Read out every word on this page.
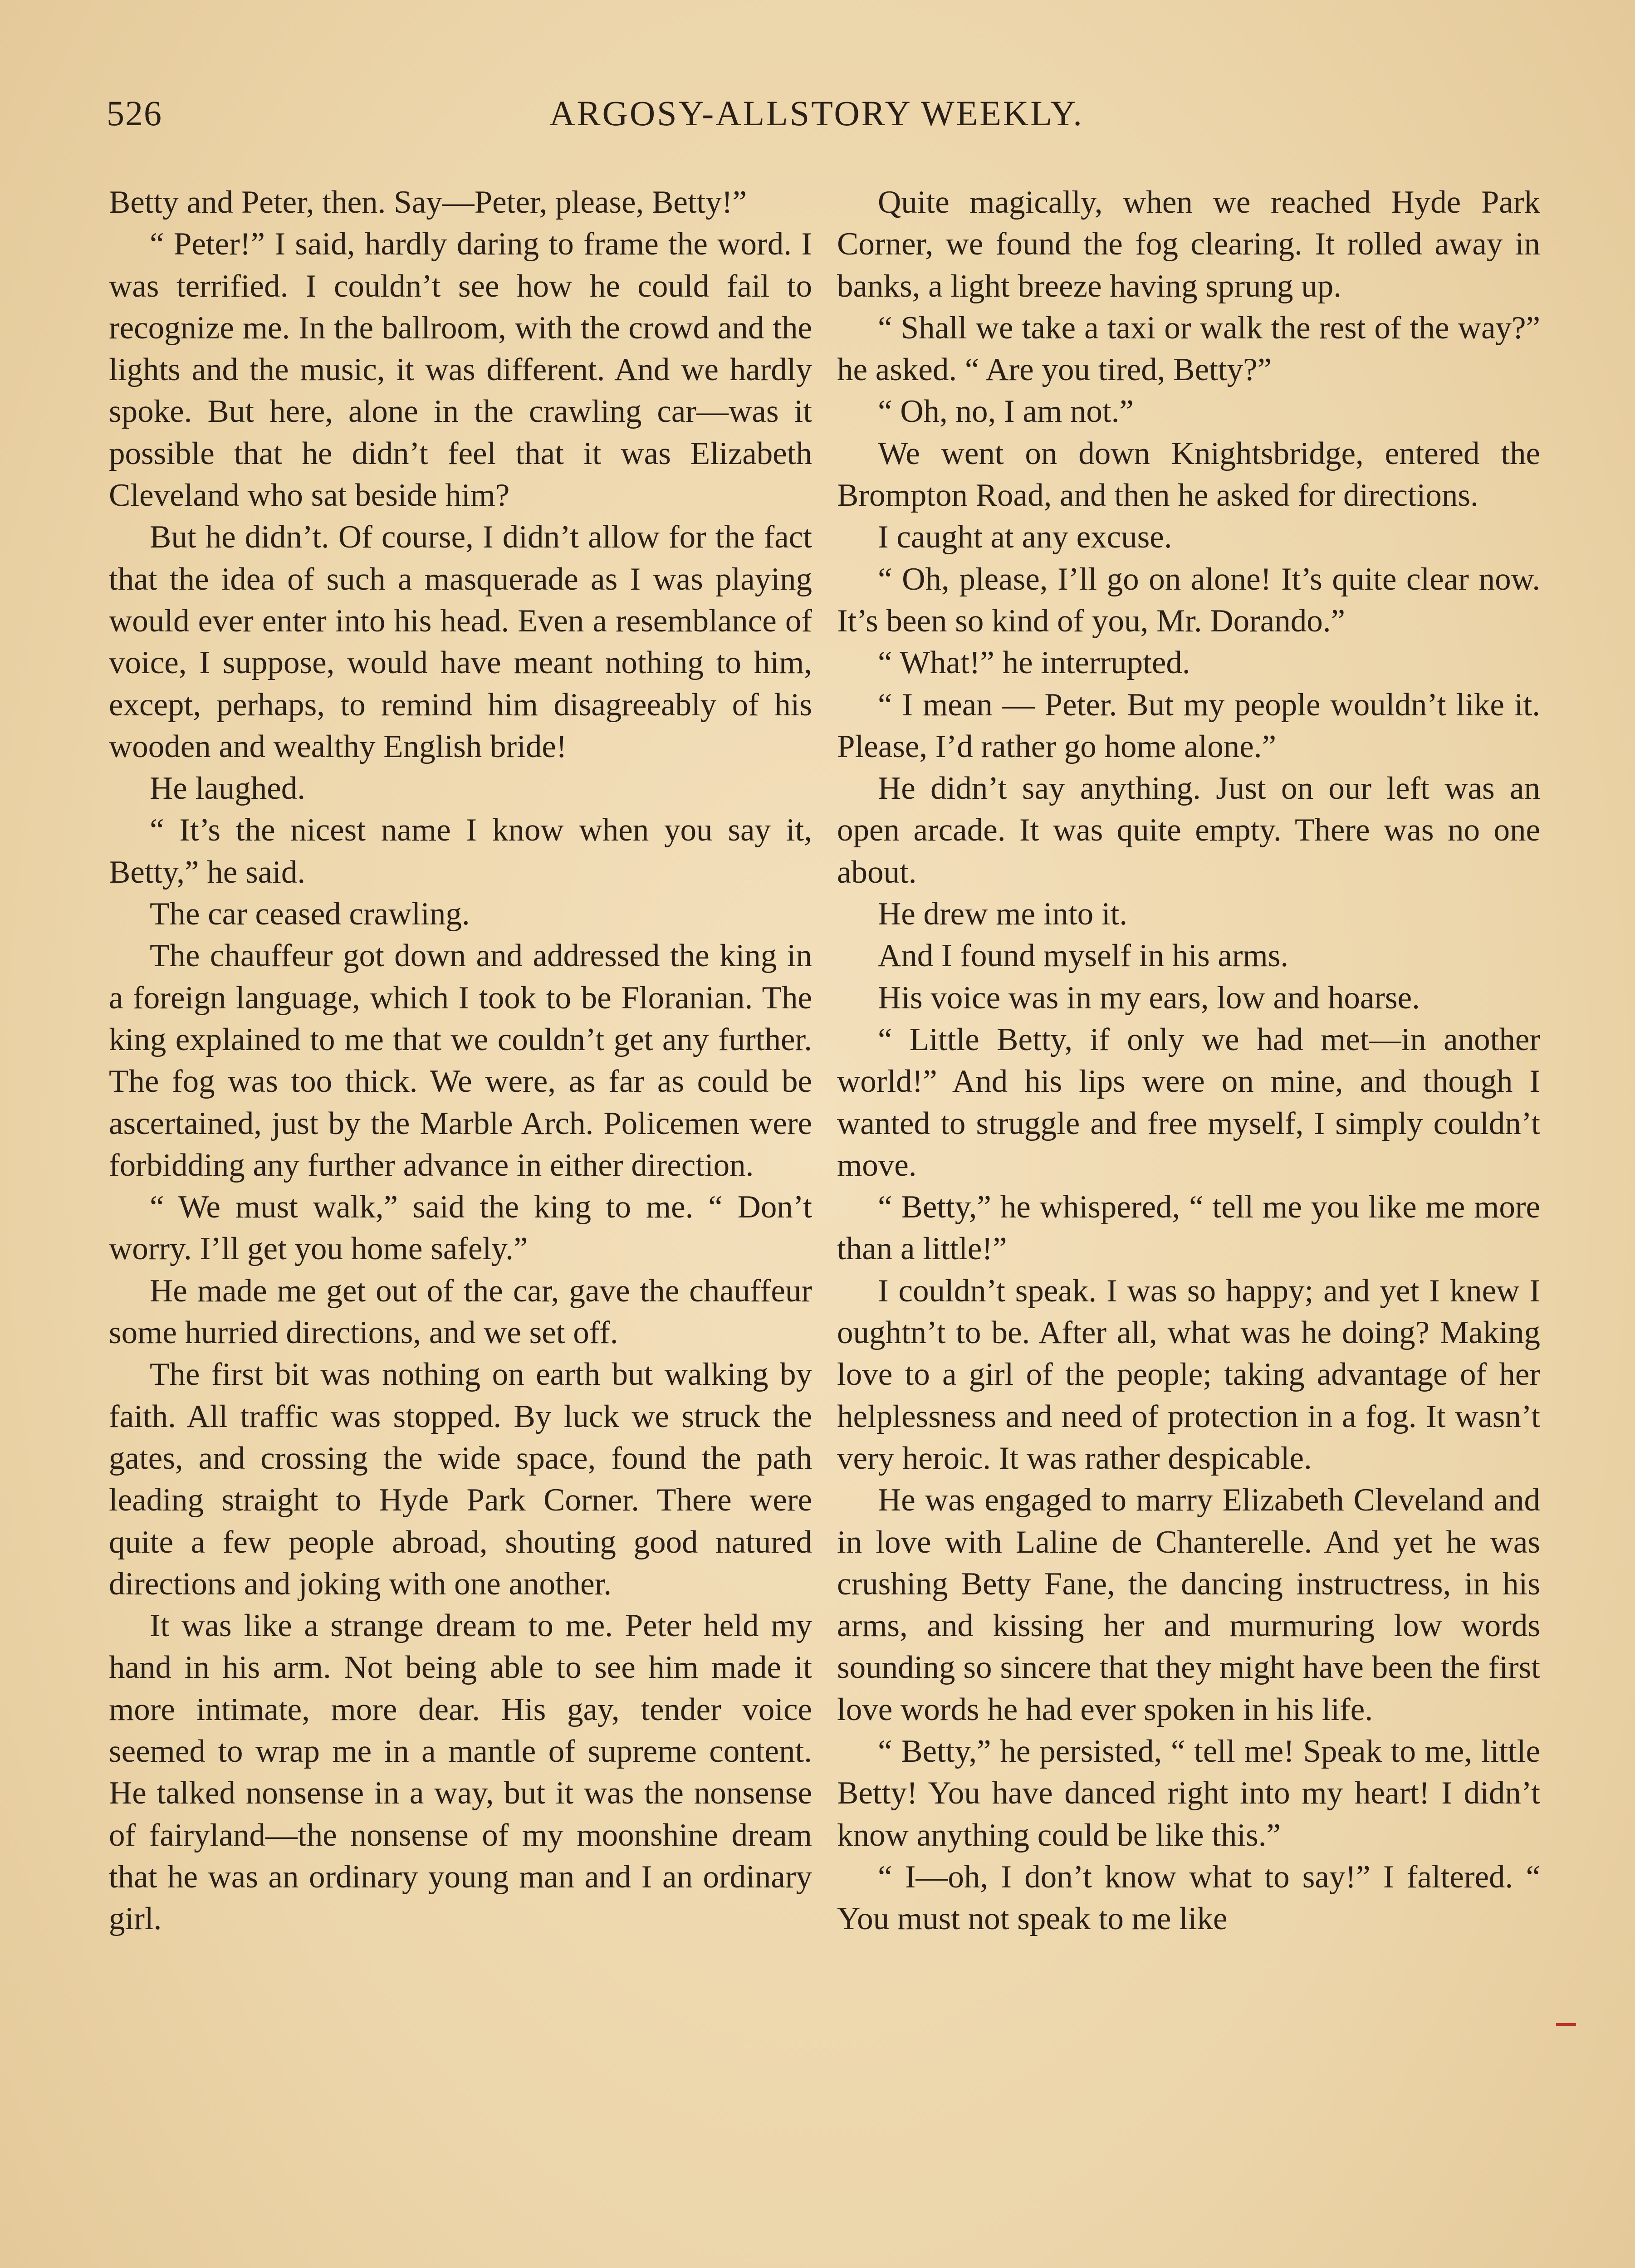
526	ARGOSY-ALLSTORY WEEKLY.

Betty and Peter, then. Say—Peter, please, Betty!”

“ Peter!” I said, hardly daring to frame the word. I was terrified. I couldn’t see how he could fail to recognize me. In the ballroom, with the crowd and the lights and the music, it was different. And we hardly spoke. But here, alone in the crawling car—was it possible that he didn’t feel that it was Elizabeth Cleveland who sat beside him?

But he didn’t. Of course, I didn’t allow for the fact that the idea of such a masquerade as I was playing would ever enter into his head. Even a resemblance of voice, I suppose, would have meant nothing to him, except, perhaps, to remind him disagreeably of his wooden and wealthy English bride!

He laughed.

“ It’s the nicest name I know when you say it, Betty,” he said.

The car ceased crawling.

The chauffeur got down and addressed the king in a foreign language, which I took to be Floranian. The king explained to me that we couldn’t get any further. The fog was too thick. We were, as far as could be ascertained, just by the Marble Arch. Policemen were forbidding any further advance in either direction.

“ We must walk,” said the king to me. “ Don’t worry. I’ll get you home safely.”

He made me get out of the car, gave the chauffeur some hurried directions, and we set off.

The first bit was nothing on earth but walking by faith. All traffic was stopped. By luck we struck the gates, and crossing the wide space, found the path leading straight to Hyde Park Corner. There were quite a few people abroad, shouting good natured directions and joking with one another.

It was like a strange dream to me. Peter held my hand in his arm. Not being able to see him made it more intimate, more dear. His gay, tender voice seemed to wrap me in a mantle of supreme content. He talked nonsense in a way, but it was the nonsense of fairyland—the nonsense of my moonshine dream that he was an ordinary young man and I an ordinary girl.

Quite magically, when we reached Hyde Park Corner, we found the fog clearing. It rolled away in banks, a light breeze having sprung up.

“ Shall we take a taxi or walk the rest of the way?” he asked. “ Are you tired, Betty?”

“ Oh, no, I am not.”

We went on down Knightsbridge, entered the Brompton Road, and then he asked for directions.

I caught at any excuse.

“ Oh, please, I’ll go on alone! It’s quite clear now. It’s been so kind of you, Mr. Dorando.”

“ What!” he interrupted.

“ I mean — Peter. But my people wouldn’t like it. Please, I’d rather go home alone.”

He didn’t say anything. Just on our left was an open arcade. It was quite empty. There was no one about.

He drew me into it.

And I found myself in his arms.

His voice was in my ears, low and hoarse.

“ Little Betty, if only we had met—in another world!” And his lips were on mine, and though I wanted to struggle and free myself, I simply couldn’t move.

“ Betty,” he whispered, “ tell me you like me more than a little!”

I couldn’t speak. I was so happy; and yet I knew I oughtn’t to be. After all, what was he doing? Making love to a girl of the people; taking advantage of her helplessness and need of protection in a fog. It wasn’t very heroic. It was rather despicable.

He was engaged to marry Elizabeth Cleveland and in love with Laline de Chanterelle. And yet he was crushing Betty Fane, the dancing instructress, in his arms, and kissing her and murmuring low words sounding so sincere that they might have been the first love words he had ever spoken in his life.

“ Betty,” he persisted, “ tell me! Speak to me, little Betty! You have danced right into my heart! I didn’t know anything could be like this.”

“ I—oh, I don’t know what to say!” I faltered. “ You must not speak to me like
